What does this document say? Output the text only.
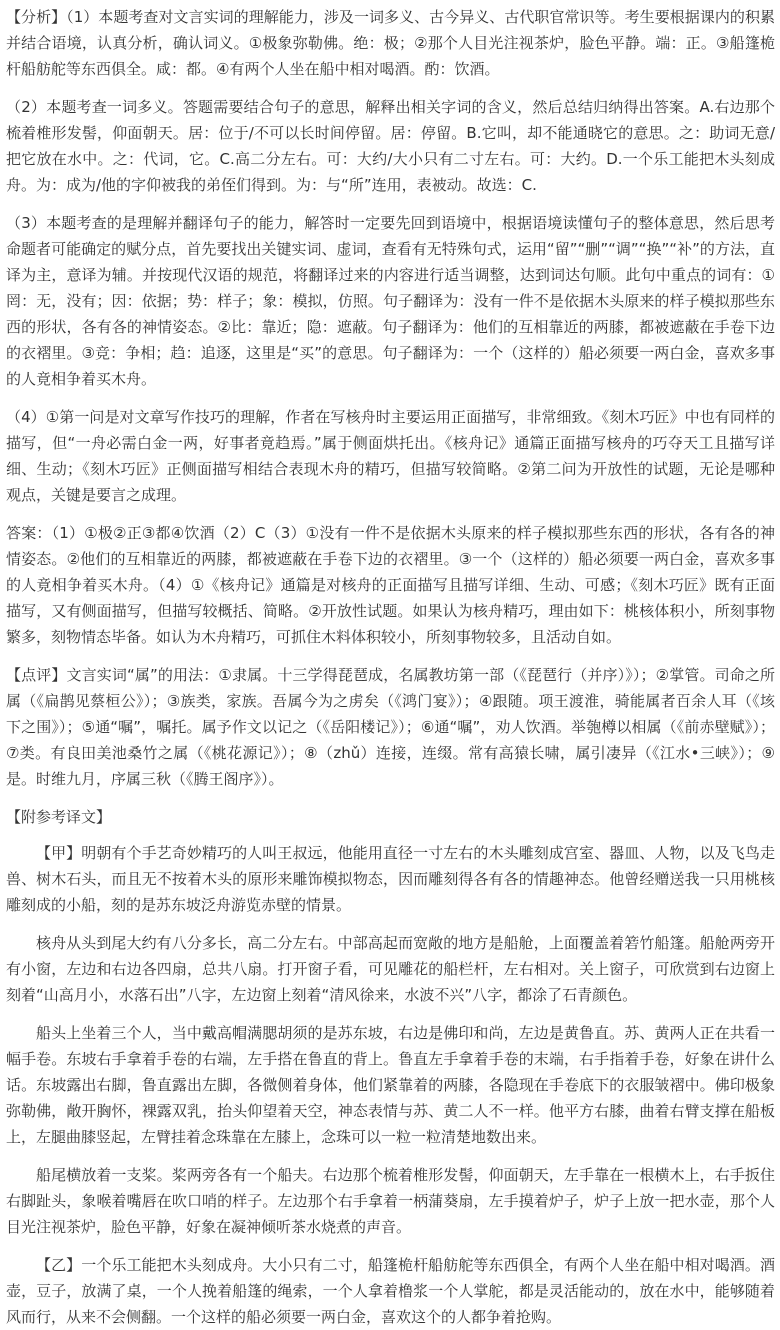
【分析】（1）本题考查对文言实词的理解能力，涉及一词多义、古今异义、古代职官常识等。考生要根据课内的积累并结合语境，认真分析，确认词义。①极象弥勒佛。绝：极；②那个人目光注视茶炉，脸色平静。端：正。③船篷桅杆船舫舵等东西俱全。咸：都。④有两个人坐在船中相对喝酒。酌：饮酒。

（2）本题考查一词多义。答题需要结合句子的意思，解释出相关字词的含义，然后总结归纳得出答案。A.右边那个梳着椎形发髻，仰面朝天。居：位于/不可以长时间停留。居：停留。B.它叫，却不能通晓它的意思。之：助词无意/把它放在水中。之：代词，它。C.高二分左右。可：大约/大小只有二寸左右。可：大约。D.一个乐工能把木头刻成舟。为：成为/他的字仰被我的弟侄们得到。为：与“所”连用，表被动。故选：C.

（3）本题考查的是理解并翻译句子的能力，解答时一定要先回到语境中，根据语境读懂句子的整体意思，然后思考命题者可能确定的赋分点，首先要找出关键实词、虚词，查看有无特殊句式，运用“留”“删”“调”“换”“补”的方法，直译为主，意译为辅。并按现代汉语的规范，将翻译过来的内容进行适当调整，达到词达句顺。此句中重点的词有：①罔：无，没有；因：依据；势：样子；象：模拟，仿照。句子翻译为：没有一件不是依据木头原来的样子模拟那些东西的形状，各有各的神情姿态。②比：靠近；隐：遮蔽。句子翻译为：他们的互相靠近的两膝，都被遮蔽在手卷下边的衣褶里。③竞：争相；趋：追逐，这里是“买”的意思。句子翻译为：一个（这样的）船必须要一两白金，喜欢多事的人竟相争着买木舟。

（4）①第一问是对文章写作技巧的理解，作者在写核舟时主要运用正面描写，非常细致。《刻木巧匠》中也有同样的描写，但“一舟必需白金一两，好事者竟趋焉。”属于侧面烘托出。《核舟记》通篇正面描写核舟的巧夺天工且描写详细、生动；《刻木巧匠》正侧面描写相结合表现木舟的精巧，但描写较简略。②第二问为开放性的试题，无论是哪种观点，关键是要言之成理。

答案：（1）①极②正③都④饮酒（2）C（3）①没有一件不是依据木头原来的样子模拟那些东西的形状，各有各的神情姿态。②他们的互相靠近的两膝，都被遮蔽在手卷下边的衣褶里。③一个（这样的）船必须要一两白金，喜欢多事的人竟相争着买木舟。（4）①《核舟记》通篇是对核舟的正面描写且描写详细、生动、可感；《刻木巧匠》既有正面描写，又有侧面描写，但描写较概括、简略。②开放性试题。如果认为核舟精巧，理由如下：桃核体积小，所刻事物繁多，刻物情态毕备。如认为木舟精巧，可抓住木料体积较小，所刻事物较多，且活动自如。

【点评】文言实词“属”的用法：①隶属。十三学得琵琶成，名属教坊第一部（《琵琶行（并序）》）；②掌管。司命之所属（《扁鹊见蔡桓公》）；③族类，家族。吾属今为之虏矣（《鸿门宴》）；④跟随。项王渡淮，骑能属者百余人耳（《垓下之围》）；⑤通“嘱”，嘱托。属予作文以记之（《岳阳楼记》）；⑥通“嘱”，劝人饮酒。举匏樽以相属（《前赤壁赋》）；⑦类。有良田美池桑竹之属（《桃花源记》）；⑧（zhǔ）连接，连缀。常有高猿长啸，属引凄异（《江水•三峡》）；⑨是。时维九月，序属三秋（《腾王阁序》）。

【附参考译文】

【甲】明朝有个手艺奇妙精巧的人叫王叔远，他能用直径一寸左右的木头雕刻成宫室、器皿、人物，以及飞鸟走兽、树木石头，而且无不按着木头的原形来雕饰模拟物态，因而雕刻得各有各的情趣神态。他曾经赠送我一只用桃核雕刻成的小船，刻的是苏东坡泛舟游览赤壁的情景。

核舟从头到尾大约有八分多长，高二分左右。中部高起而宽敞的地方是船舱，上面覆盖着箬竹船篷。船舱两旁开有小窗，左边和右边各四扇，总共八扇。打开窗子看，可见雕花的船栏杆，左右相对。关上窗子，可欣赏到右边窗上刻着“山高月小，水落石出”八字，左边窗上刻着“清风徐来，水波不兴”八字，都涂了石青颜色。

船头上坐着三个人，当中戴高帽满腮胡须的是苏东坡，右边是佛印和尚，左边是黄鲁直。苏、黄两人正在共看一幅手卷。东坡右手拿着手卷的右端，左手搭在鲁直的背上。鲁直左手拿着手卷的末端，右手指着手卷，好象在讲什么话。东坡露出右脚，鲁直露出左脚，各微侧着身体，他们紧靠着的两膝，各隐现在手卷底下的衣服皱褶中。佛印极象弥勒佛，敞开胸怀，裸露双乳，抬头仰望着天空，神态表情与苏、黄二人不一样。他平方右膝，曲着右臂支撑在船板上，左腿曲膝竖起，左臂挂着念珠靠在左膝上，念珠可以一粒一粒清楚地数出来。

船尾横放着一支桨。桨两旁各有一个船夫。右边那个梳着椎形发髻，仰面朝天，左手靠在一根横木上，右手扳住右脚趾头，象喉着嘴唇在吹口哨的样子。左边那个右手拿着一柄蒲葵扇，左手摸着炉子，炉子上放一把水壶，那个人目光注视茶炉，脸色平静，好象在凝神倾听茶水烧煮的声音。

【乙】一个乐工能把木头刻成舟。大小只有二寸，船篷桅杆船舫舵等东西俱全，有两个人坐在船中相对喝酒。酒壶，豆子，放满了桌，一个人挽着船篷的绳索，一个人拿着橹浆一个人掌舵，都是灵活能动的，放在水中，能够随着风而行，从来不会侧翻。一个这样的船必须要一两白金，喜欢这个的人都争着抢购。
